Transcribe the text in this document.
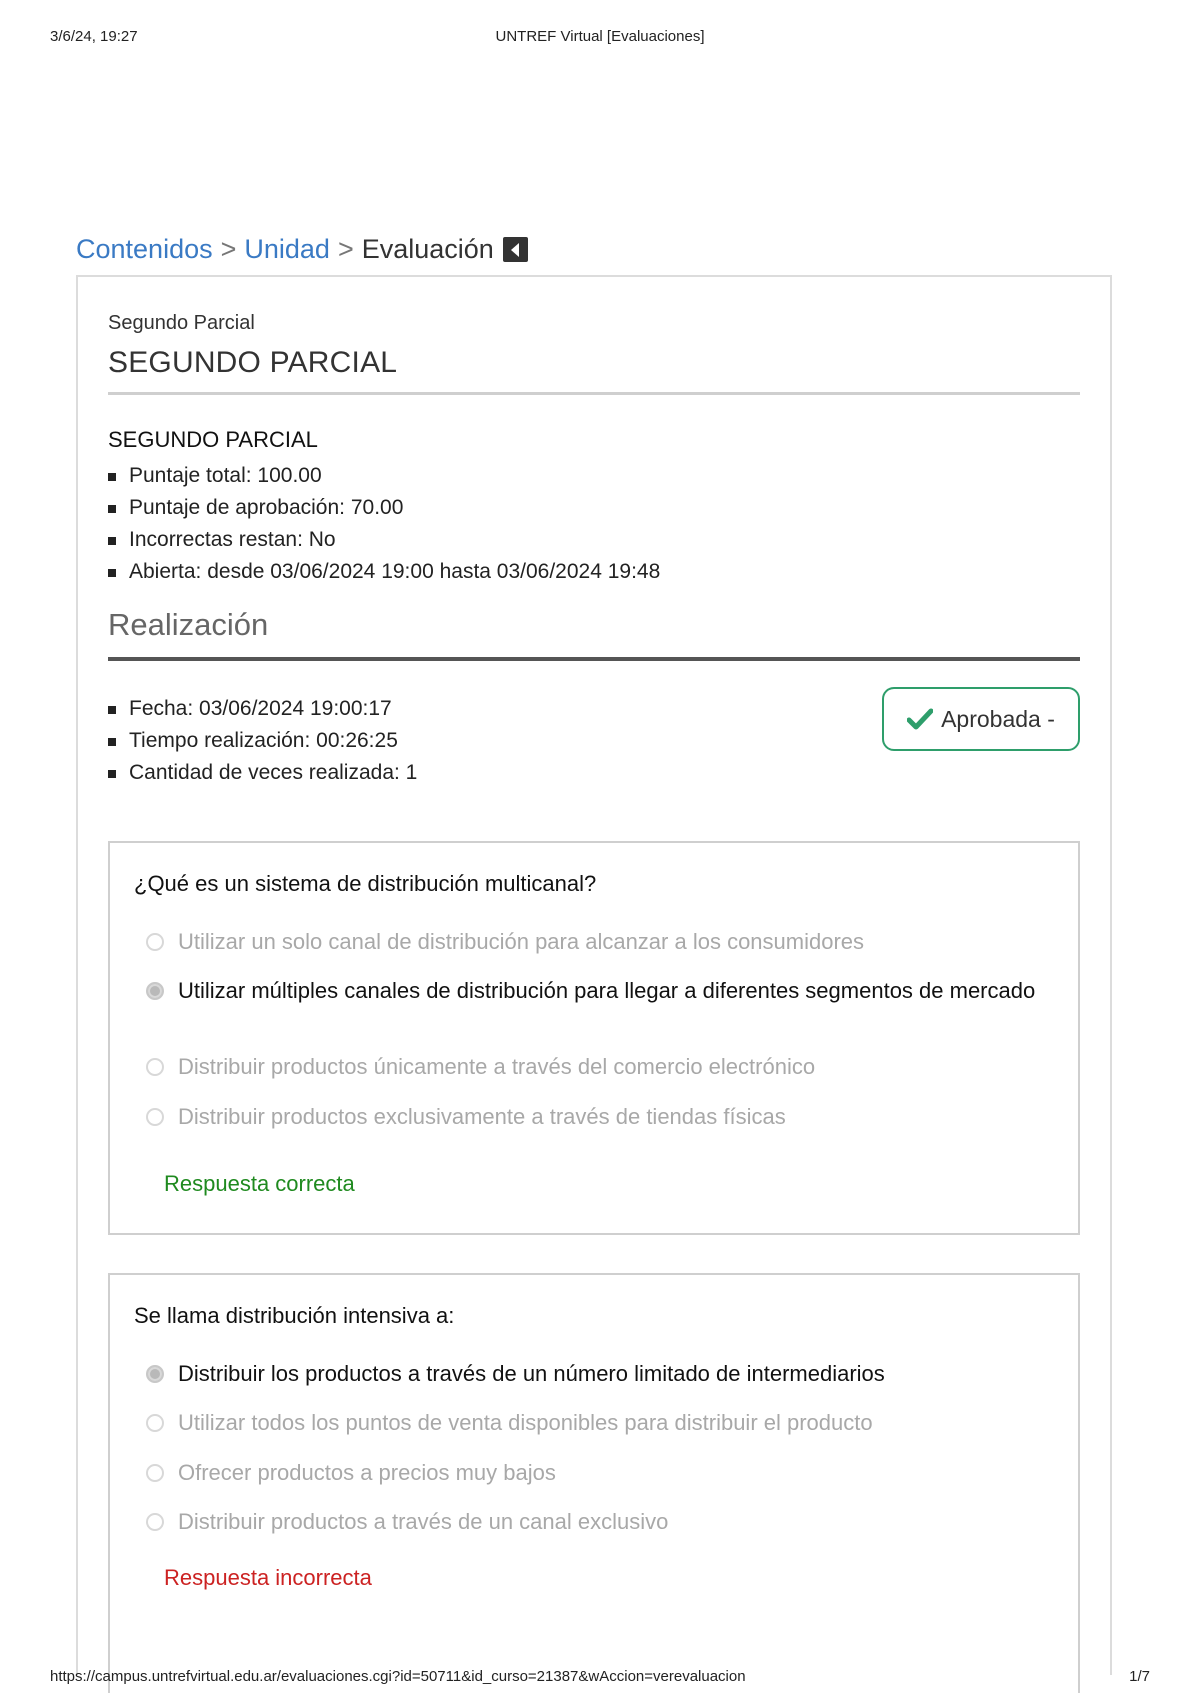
3/6/24, 19:27	UNTREF Virtual [Evaluaciones]
Contenidos > Unidad > Evaluación
Segundo Parcial
SEGUNDO PARCIAL
SEGUNDO PARCIAL
Puntaje total: 100.00
Puntaje de aprobación: 70.00
Incorrectas restan: No
Abierta: desde 03/06/2024 19:00 hasta 03/06/2024 19:48
Realización
Fecha: 03/06/2024 19:00:17
Tiempo realización: 00:26:25
Cantidad de veces realizada: 1
Aprobada -
¿Qué es un sistema de distribución multicanal?
Utilizar un solo canal de distribución para alcanzar a los consumidores
Utilizar múltiples canales de distribución para llegar a diferentes segmentos de mercado
Distribuir productos únicamente a través del comercio electrónico
Distribuir productos exclusivamente a través de tiendas físicas
Respuesta correcta
Se llama distribución intensiva a:
Distribuir los productos a través de un número limitado de intermediarios
Utilizar todos los puntos de venta disponibles para distribuir el producto
Ofrecer productos a precios muy bajos
Distribuir productos a través de un canal exclusivo
Respuesta incorrecta
https://campus.untrefvirtual.edu.ar/evaluaciones.cgi?id=50711&id_curso=21387&wAccion=verevaluacion	1/7
